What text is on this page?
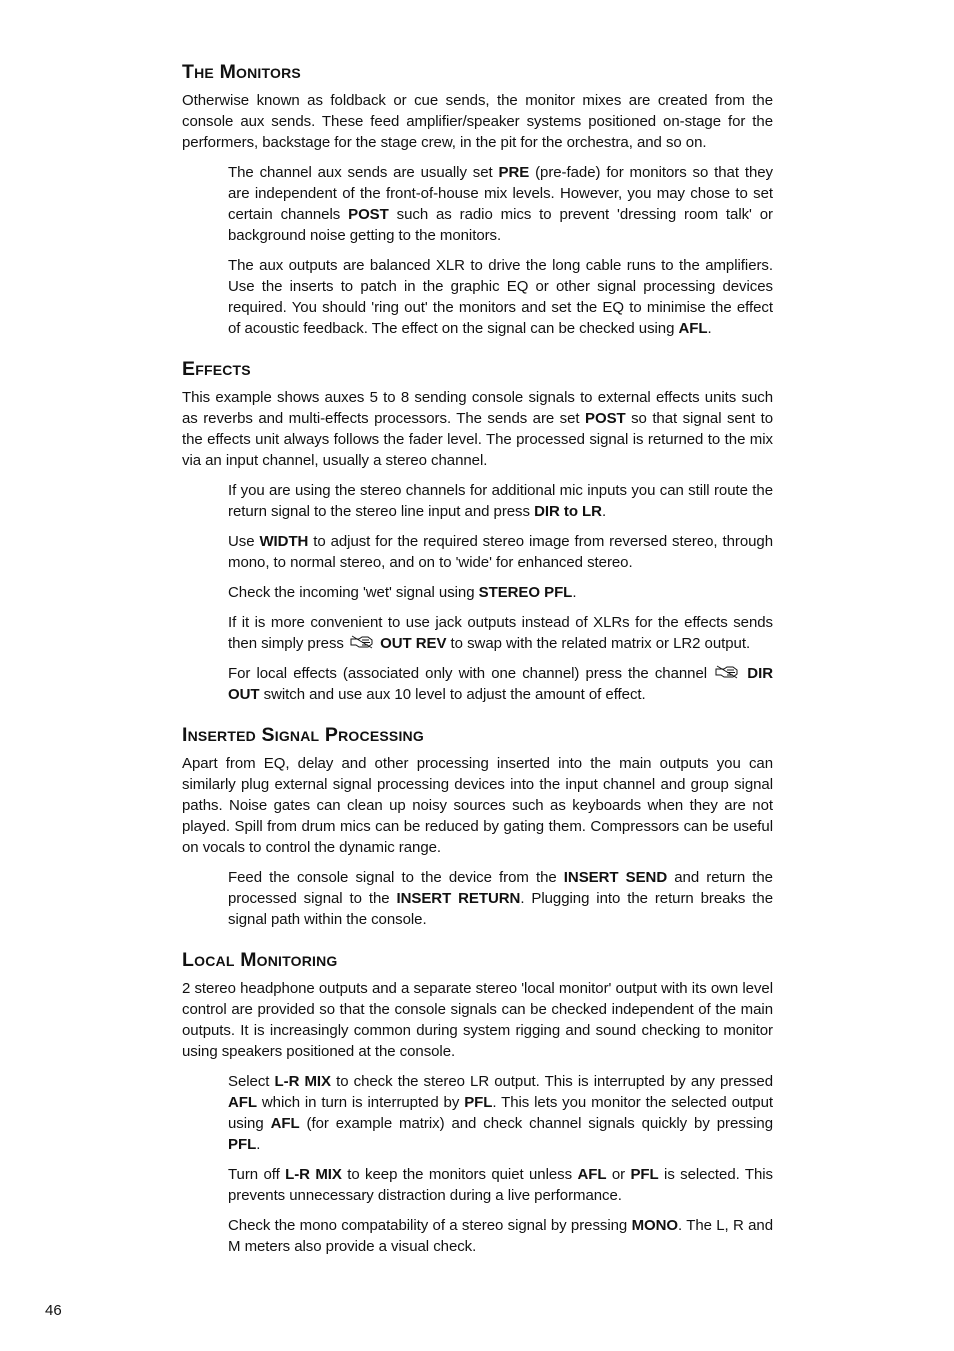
The Monitors

Otherwise known as foldback or cue sends, the monitor mixes are created from the console aux sends. These feed amplifier/speaker systems positioned on-stage for the performers, backstage for the stage crew, in the pit for the orchestra, and so on.

The channel aux sends are usually set PRE (pre-fade) for monitors so that they are independent of the front-of-house mix levels. However, you may chose to set certain channels POST such as radio mics to prevent 'dressing room talk' or background noise getting to the monitors.

The aux outputs are balanced XLR to drive the long cable runs to the amplifiers. Use the inserts to patch in the graphic EQ or other signal processing devices required. You should 'ring out' the monitors and set the EQ to minimise the effect of acoustic feedback. The effect on the signal can be checked using AFL.

Effects

This example shows auxes 5 to 8 sending console signals to external effects units such as reverbs and multi-effects processors. The sends are set POST so that signal sent to the effects unit always follows the fader level. The processed signal is returned to the mix via an input channel, usually a stereo channel.

If you are using the stereo channels for additional mic inputs you can still route the return signal to the stereo line input and press DIR to LR.

Use WIDTH to adjust for the required stereo image from reversed stereo, through mono, to normal stereo, and on to 'wide' for enhanced stereo.

Check the incoming 'wet' signal using STEREO PFL.

If it is more convenient to use jack outputs instead of XLRs for the effects sends then simply press  OUT REV to swap with the related matrix or LR2 output.

For local effects (associated only with one channel) press the channel  DIR OUT switch and use aux 10 level to adjust the amount of effect.

Inserted Signal Processing

Apart from EQ, delay and other processing inserted into the main outputs you can similarly plug external signal processing devices into the input channel and group signal paths. Noise gates can clean up noisy sources such as keyboards when they are not played. Spill from drum mics can be reduced by gating them. Compressors can be useful on vocals to control the dynamic range.

Feed the console signal to the device from the INSERT SEND and return the processed signal to the INSERT RETURN. Plugging into the return breaks the signal path within the console.

Local Monitoring

2 stereo headphone outputs and a separate stereo 'local monitor' output with its own level control are provided so that the console signals can be checked independent of the main outputs. It is increasingly common during system rigging and sound checking to monitor using speakers positioned at the console.

Select L-R MIX to check the stereo LR output. This is interrupted by any pressed AFL which in turn is interrupted by PFL. This lets you monitor the selected output using AFL (for example matrix) and check channel signals quickly by pressing PFL.

Turn off L-R MIX to keep the monitors quiet unless AFL or PFL is selected. This prevents unnecessary distraction during a live performance.

Check the mono compatability of a stereo signal by pressing MONO. The L, R and M meters also provide a visual check.

46
